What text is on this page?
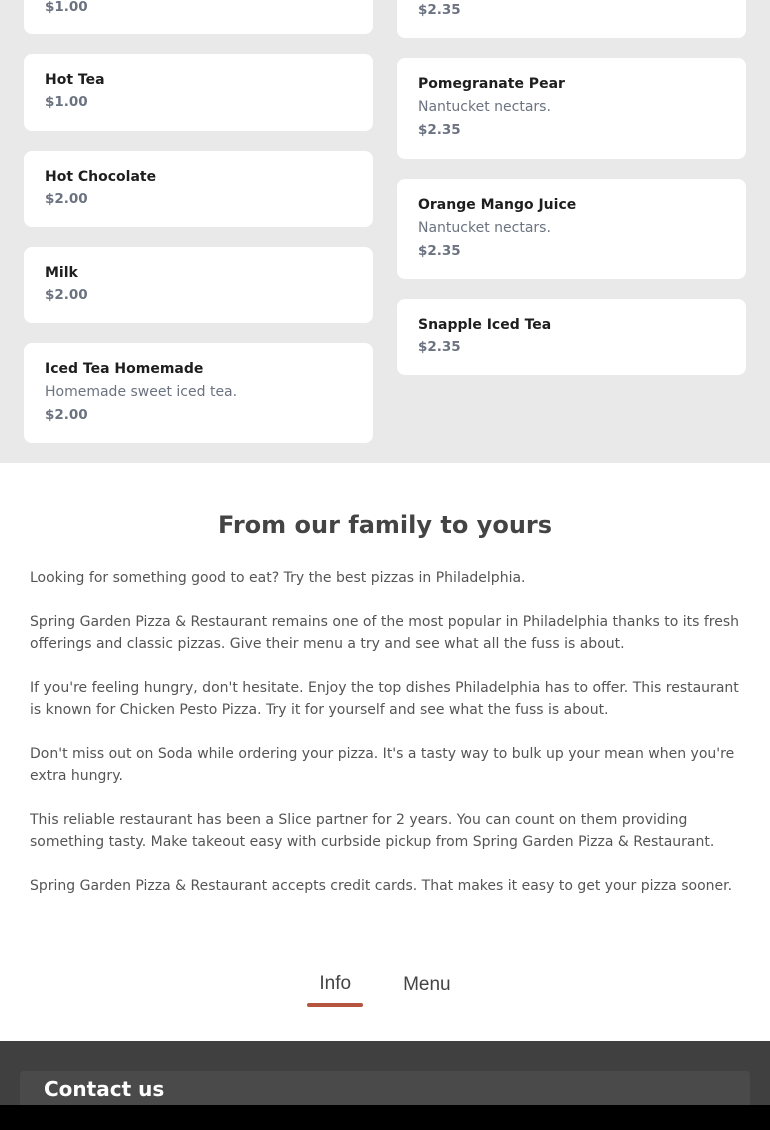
$1.00
Hot Tea
$1.00
Hot Chocolate
$2.00
Milk
$2.00
Iced Tea Homemade
Homemade sweet iced tea.
$2.00
$2.35
Pomegranate Pear
Nantucket nectars.
$2.35
Orange Mango Juice
Nantucket nectars.
$2.35
Snapple Iced Tea
$2.35
From our family to yours

Looking for something good to eat? Try the best pizzas in Philadelphia.

Spring Garden Pizza & Restaurant remains one of the most popular in Philadelphia thanks to its fresh offerings and classic pizzas. Give their menu a try and see what all the fuss is about.

If you're feeling hungry, don't hesitate. Enjoy the top dishes Philadelphia has to offer. This restaurant is known for Chicken Pesto Pizza. Try it for yourself and see what the fuss is about.

Don't miss out on Soda while ordering your pizza. It's a tasty way to bulk up your mean when you're extra hungry.

This reliable restaurant has been a Slice partner for 2 years. You can count on them providing something tasty. Make takeout easy with curbside pickup from Spring Garden Pizza & Restaurant.

Spring Garden Pizza & Restaurant accepts credit cards. That makes it easy to get your pizza sooner.

Info	Menu
Contact us
